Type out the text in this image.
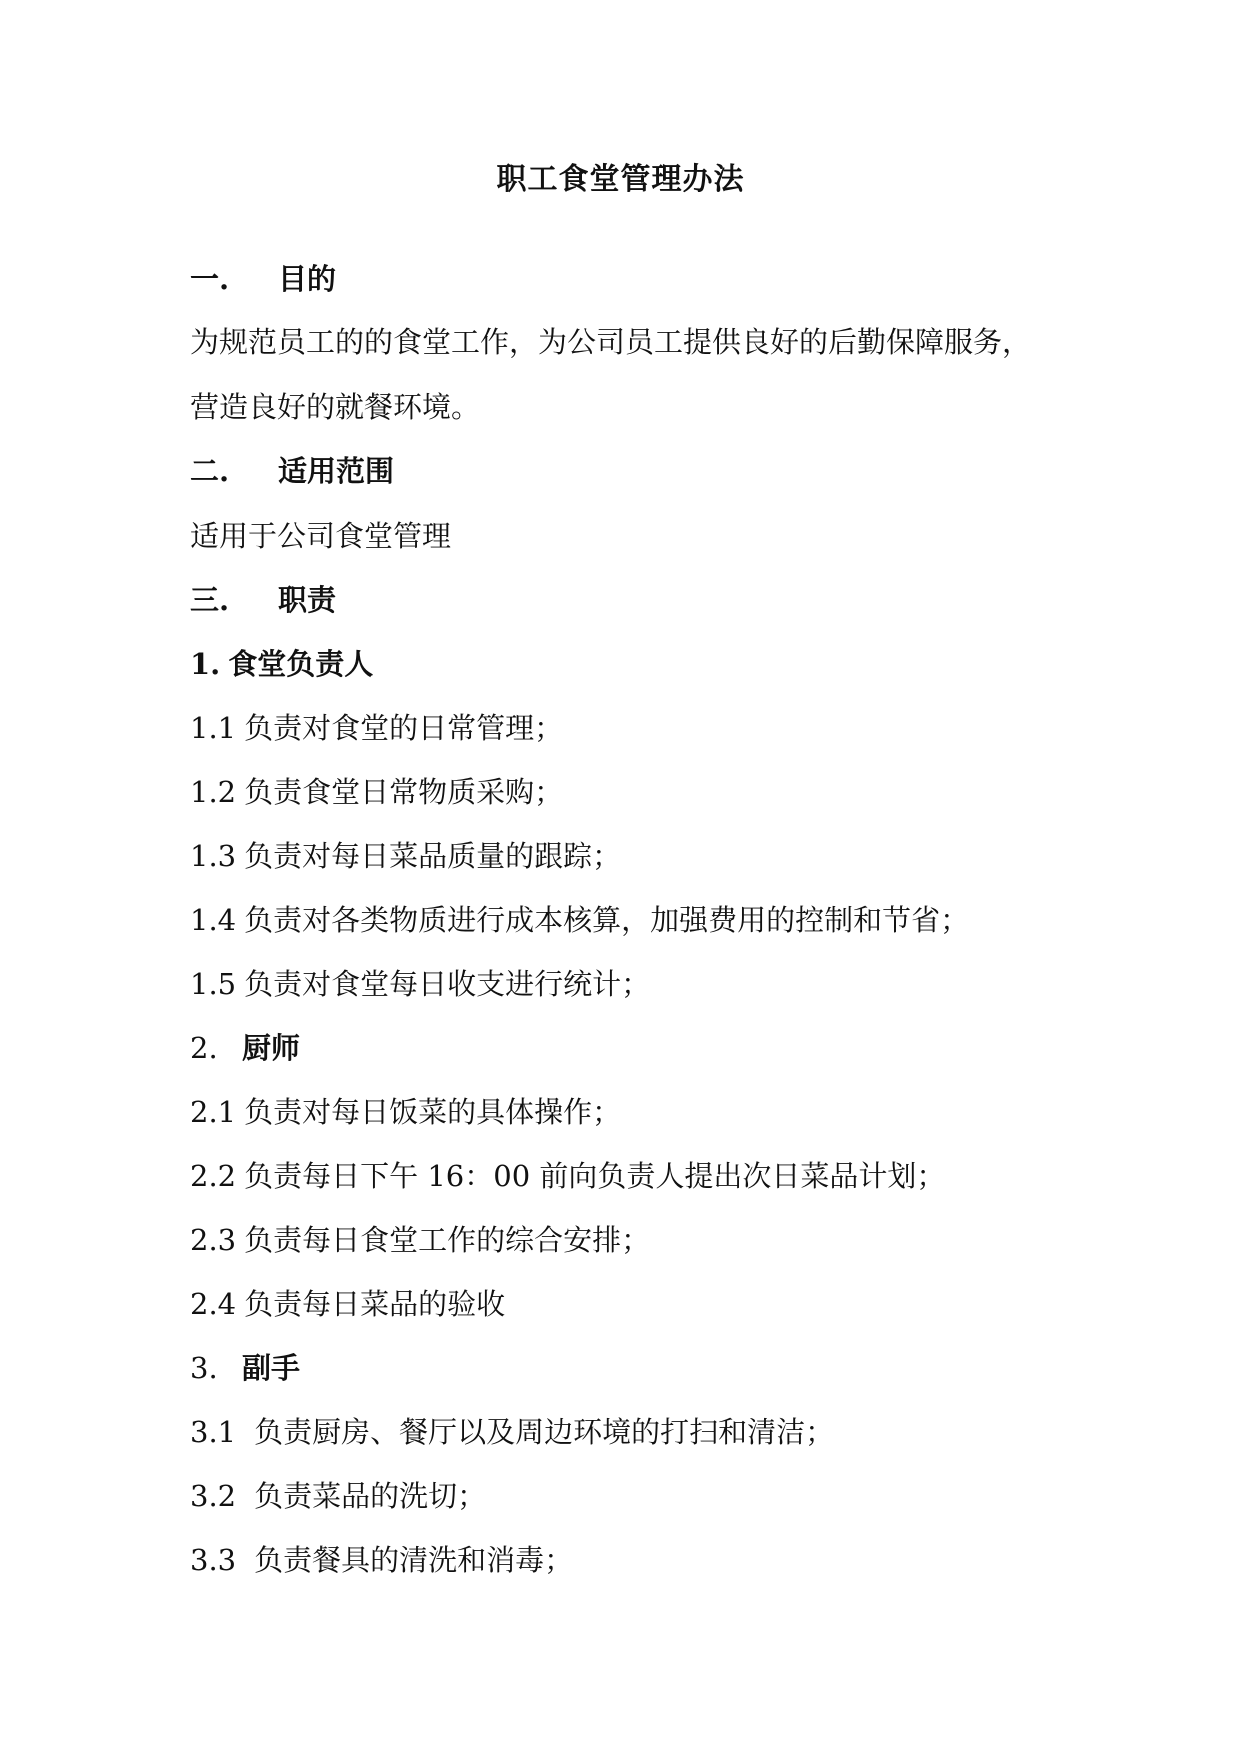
职工食堂管理办法
一. 目的
为规范员工的的食堂工作，为公司员工提供良好的后勤保障服务，
营造良好的就餐环境。
二. 适用范围
适用于公司食堂管理
三. 职责
1. 食堂负责人
1.1 负责对食堂的日常管理；
1.2 负责食堂日常物质采购；
1.3 负责对每日菜品质量的跟踪；
1.4 负责对各类物质进行成本核算，加强费用的控制和节省；
1.5 负责对食堂每日收支进行统计；
2. 厨师
2.1 负责对每日饭菜的具体操作；
2.2 负责每日下午 16：00 前向负责人提出次日菜品计划；
2.3 负责每日食堂工作的综合安排；
2.4 负责每日菜品的验收
3. 副手
3.1 负责厨房、餐厅以及周边环境的打扫和清洁；
3.2 负责菜品的洗切；
3.3 负责餐具的清洗和消毒；
